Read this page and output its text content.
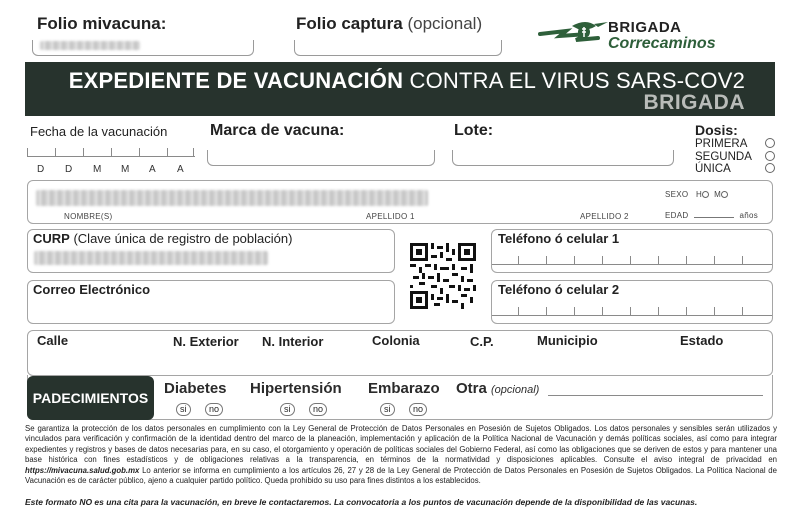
Folio mivacuna:	Folio captura (opcional)	BRIGADA
Correcaminos
EXPEDIENTE DE VACUNACIÓN CONTRA EL VIRUS SARS-COV2
BRIGADA
Fecha de la vacunación
D	D	M	M	A	A
Marca de vacuna:	Lote:	Dosis:
PRIMERA
SEGUNDA
ÚNICA
NOMBRE(S)	APELLIDO 1	APELLIDO 2
SEXO H M
EDAD	años
CURP (Clave única de registro de población)
Correo Electrónico
Teléfono ó celular 1
Teléfono ó celular 2
Calle	N. Exterior N. Interior	Colonia	C.P.	Municipio	Estado
PADECIMIENTOS
Diabetes
si no
Hipertensión
si no
Embarazo
si no
Otra (opcional)
Se garantiza la protección de los datos personales en cumplimiento con la Ley General de Protección de Datos Personales en Posesión de Sujetos Obligados. Los datos personales y sensibles serán utilizados y vinculados para verificación y confirmación de la identidad dentro del marco de la planeación, implementación y aplicación de la Política Nacional de Vacunación y demás políticas sociales, así como para integrar expedientes y registros y bases de datos necesarias para, en su caso, el otorgamiento y operación de políticas sociales del Gobierno Federal, así como las obligaciones que se deriven de estos y para mantener una base histórica con fines estadísticos y de obligaciones relativas a la transparencia, en términos de la normatividad y disposiciones aplicables. Consulte el aviso integral de privacidad en https://mivacuna.salud.gob.mx Lo anterior se informa en cumplimiento a los artículos 26, 27 y 28 de la Ley General de Protección de Datos Personales en Posesión de Sujetos Obligados. La Política Nacional de Vacunación es de carácter público, ajeno a cualquier partido político. Queda prohibido su uso para fines distintos a los establecidos.
Este formato NO es una cita para la vacunación, en breve le contactaremos. La convocatoria a los puntos de vacunación depende de la disponibilidad de las vacunas.
